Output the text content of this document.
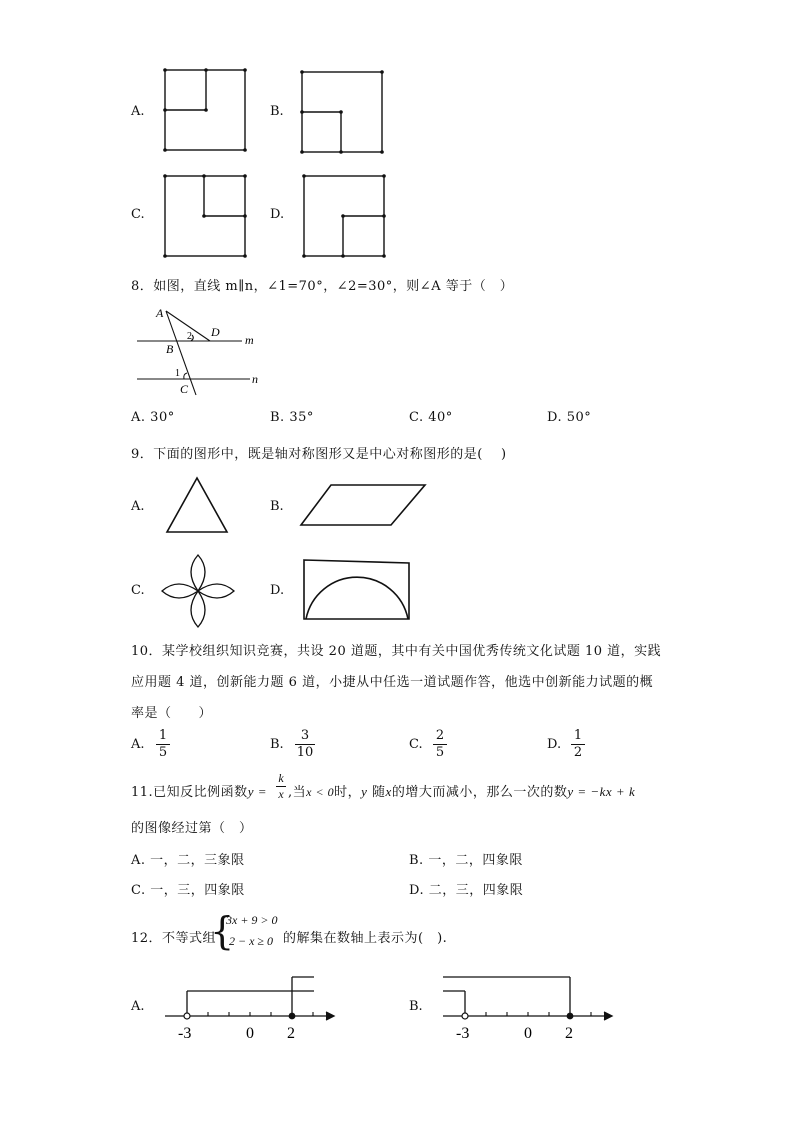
A.	B.
C.	D.
8．如图，直线 m∥n，∠1=70°，∠2=30°，则∠A 等于（　）
A
D
B
C
m
n
1
2
A. 30°	B. 35°	C. 40°	D. 50°
9．下面的图形中，既是轴对称图形又是中心对称图形的是(　 )
A.	B.
C.	D.
10．某学校组织知识竞赛，共设 20 道题，其中有关中国优秀传统文化试题 10 道，实践
应用题 4 道，创新能力题 6 道，小捷从中任选一道试题作答，他选中创新能力试题的概
率是（　　）
A.
1
5
B.
3
10
C.
2
5
D.
1
2
11.已知反比例函数y =
k
x ,当x < 0时，y 随x的增大而减小，那么一次的数y = −kx + k
的图像经过第（　）
A. 一，二，三象限	B. 一，二，四象限
C. 一，三，四象限	D. 二，三，四象限
12．不等式组
{
3x + 9 > 0
2 − x ≥ 0 的解集在数轴上表示为(　).
A.
-3	0 2
B.
-3	0 2
